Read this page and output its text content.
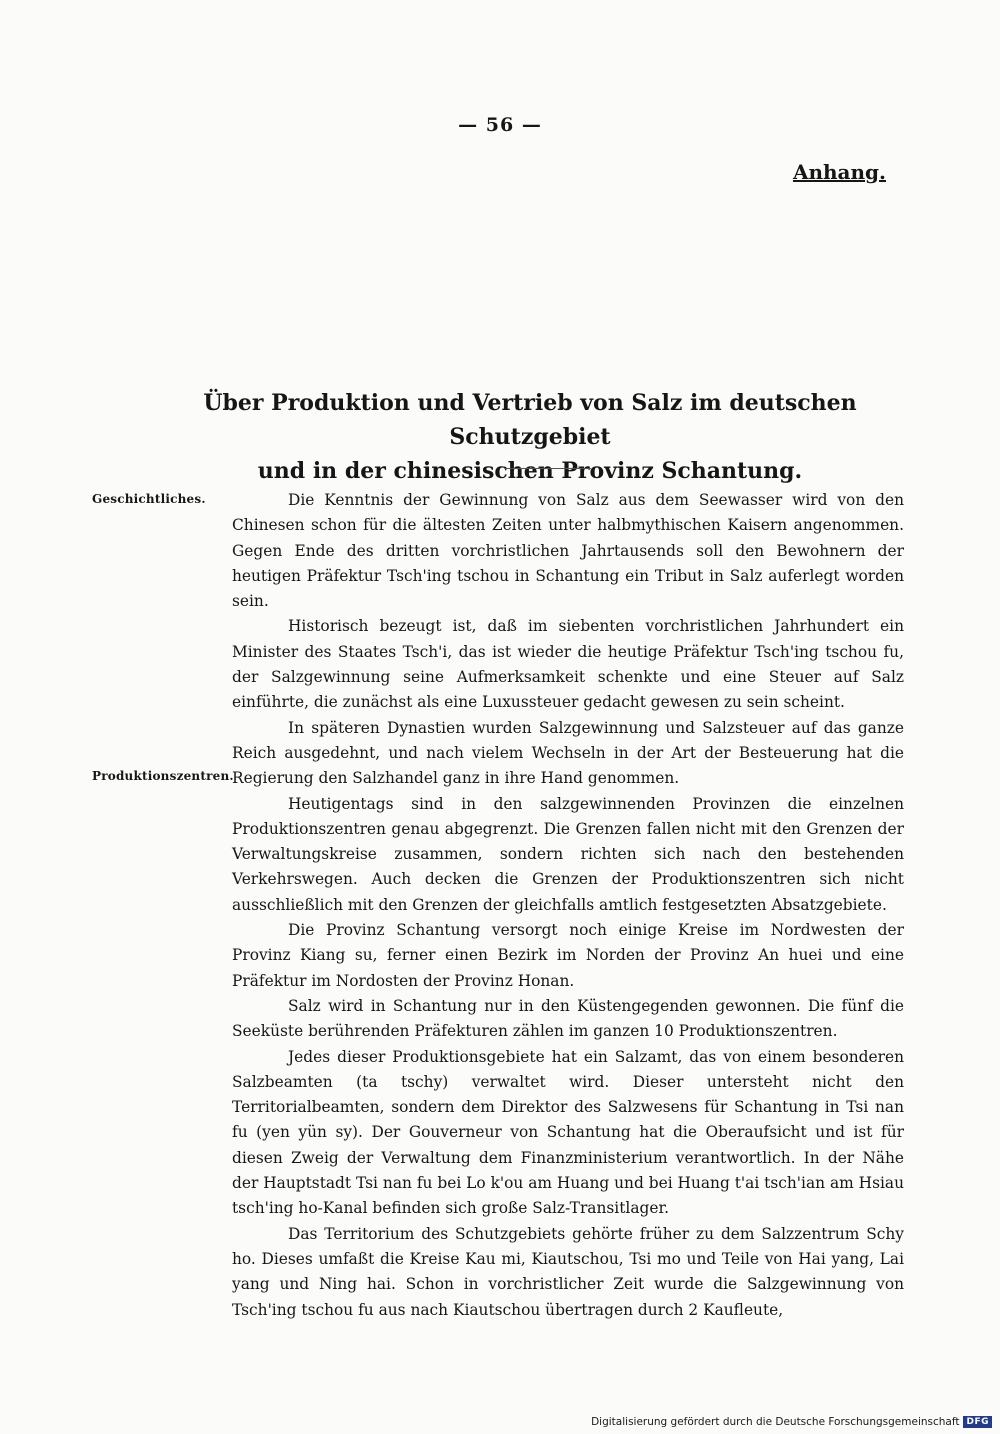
— 56 —
Anhang.
Über Produktion und Vertrieb von Salz im deutschen Schutzgebiet
und in der chinesischen Provinz Schantung.
Geschichtliches.
Produktionszentren.

Die Kenntnis der Gewinnung von Salz aus dem Seewasser wird von den Chinesen schon für die ältesten Zeiten unter halbmythischen Kaisern angenommen. Gegen Ende des dritten vorchristlichen Jahrtausends soll den Bewohnern der heutigen Präfektur Tsch'ing tschou in Schantung ein Tribut in Salz auferlegt worden sein.

Historisch bezeugt ist, daß im siebenten vorchristlichen Jahrhundert ein Minister des Staates Tsch'i, das ist wieder die heutige Präfektur Tsch'ing tschou fu, der Salzgewinnung seine Aufmerksamkeit schenkte und eine Steuer auf Salz einführte, die zunächst als eine Luxussteuer gedacht gewesen zu sein scheint.

In späteren Dynastien wurden Salzgewinnung und Salzsteuer auf das ganze Reich ausgedehnt, und nach vielem Wechseln in der Art der Besteuerung hat die Regierung den Salzhandel ganz in ihre Hand genommen.

Heutigentags sind in den salzgewinnenden Provinzen die einzelnen Produktionszentren genau abgegrenzt. Die Grenzen fallen nicht mit den Grenzen der Verwaltungskreise zusammen, sondern richten sich nach den bestehenden Verkehrswegen. Auch decken die Grenzen der Produktionszentren sich nicht ausschließlich mit den Grenzen der gleichfalls amtlich festgesetzten Absatzgebiete.

Die Provinz Schantung versorgt noch einige Kreise im Nordwesten der Provinz Kiang su, ferner einen Bezirk im Norden der Provinz An huei und eine Präfektur im Nordosten der Provinz Honan.

Salz wird in Schantung nur in den Küstengegenden gewonnen. Die fünf die Seeküste berührenden Präfekturen zählen im ganzen 10 Produktionszentren.

Jedes dieser Produktionsgebiete hat ein Salzamt, das von einem besonderen Salzbeamten (ta tschy) verwaltet wird. Dieser untersteht nicht den Territorialbeamten, sondern dem Direktor des Salzwesens für Schantung in Tsi nan fu (yen yün sy). Der Gouverneur von Schantung hat die Oberaufsicht und ist für diesen Zweig der Verwaltung dem Finanzministerium verantwortlich. In der Nähe der Hauptstadt Tsi nan fu bei Lo k'ou am Huang und bei Huang t'ai tsch'ian am Hsiau tsch'ing ho-Kanal befinden sich große Salz-Transitlager.

Das Territorium des Schutzgebiets gehörte früher zu dem Salzzentrum Schy ho. Dieses umfaßt die Kreise Kau mi, Kiautschou, Tsi mo und Teile von Hai yang, Lai yang und Ning hai. Schon in vorchristlicher Zeit wurde die Salzgewinnung von Tsch'ing tschou fu aus nach Kiautschou übertragen durch 2 Kaufleute,

Digitalisierung gefördert durch die Deutsche Forschungsgemeinschaft DFG
